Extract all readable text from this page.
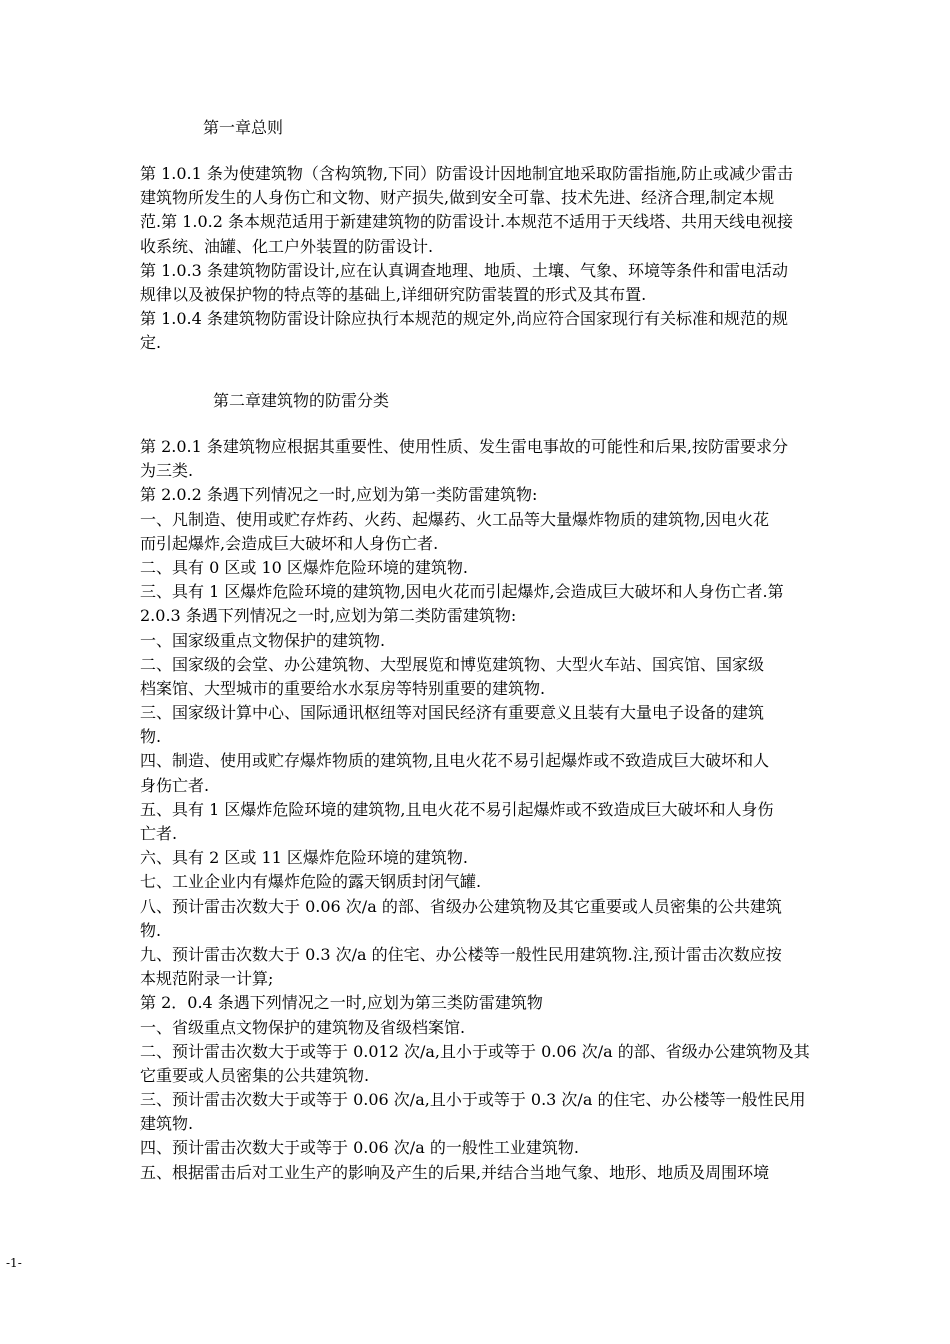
第一章总则
第 1.0.1 条为使建筑物（含构筑物,下同）防雷设计因地制宜地采取防雷指施,防止或减少雷击
建筑物所发生的人身伤亡和文物、财产损失,做到安全可靠、技术先进、经济合理,制定本规
范.第 1.0.2 条本规范适用于新建建筑物的防雷设计.本规范不适用于天线塔、共用天线电视接
收系统、油罐、化工户外装置的防雷设计.
第 1.0.3 条建筑物防雷设计,应在认真调查地理、地质、土壤、气象、环境等条件和雷电活动
规律以及被保护物的特点等的基础上,详细研究防雷装置的形式及其布置.
第 1.0.4 条建筑物防雷设计除应执行本规范的规定外,尚应符合国家现行有关标准和规范的规
定.
第二章建筑物的防雷分类
第 2.0.1 条建筑物应根据其重要性、使用性质、发生雷电事故的可能性和后果,按防雷要求分
为三类.
第 2.0.2 条遇下列情况之一时,应划为第一类防雷建筑物:
一、凡制造、使用或贮存炸药、火药、起爆药、火工品等大量爆炸物质的建筑物,因电火花
而引起爆炸,会造成巨大破坏和人身伤亡者.
二、具有 0 区或 10 区爆炸危险环境的建筑物.
三、具有 1 区爆炸危险环境的建筑物,因电火花而引起爆炸,会造成巨大破坏和人身伤亡者.第
2.0.3 条遇下列情况之一时,应划为第二类防雷建筑物:
一、国家级重点文物保护的建筑物.
二、国家级的会堂、办公建筑物、大型展览和博览建筑物、大型火车站、国宾馆、国家级
档案馆、大型城市的重要给水水泵房等特别重要的建筑物.
三、国家级计算中心、国际通讯枢纽等对国民经济有重要意义且装有大量电子设备的建筑
物.
四、制造、使用或贮存爆炸物质的建筑物,且电火花不易引起爆炸或不致造成巨大破坏和人
身伤亡者.
五、具有 1 区爆炸危险环境的建筑物,且电火花不易引起爆炸或不致造成巨大破坏和人身伤
亡者.
六、具有 2 区或 11 区爆炸危险环境的建筑物.
七、工业企业内有爆炸危险的露天钢质封闭气罐.
八、预计雷击次数大于 0.06 次/a 的部、省级办公建筑物及其它重要或人员密集的公共建筑
物.
九、预计雷击次数大于 0.3 次/a 的住宅、办公楼等一般性民用建筑物.注,预计雷击次数应按
本规范附录一计算;
第 2．0.4 条遇下列情况之一时,应划为第三类防雷建筑物
一、省级重点文物保护的建筑物及省级档案馆.
二、预计雷击次数大于或等于 0.012 次/a,且小于或等于 0.06 次/a 的部、省级办公建筑物及其
它重要或人员密集的公共建筑物.
三、预计雷击次数大于或等于 0.06 次/a,且小于或等于 0.3 次/a 的住宅、办公楼等一般性民用
建筑物.
四、预计雷击次数大于或等于 0.06 次/a 的一般性工业建筑物.
五、根据雷击后对工业生产的影响及产生的后果,并结合当地气象、地形、地质及周围环境
-1-
